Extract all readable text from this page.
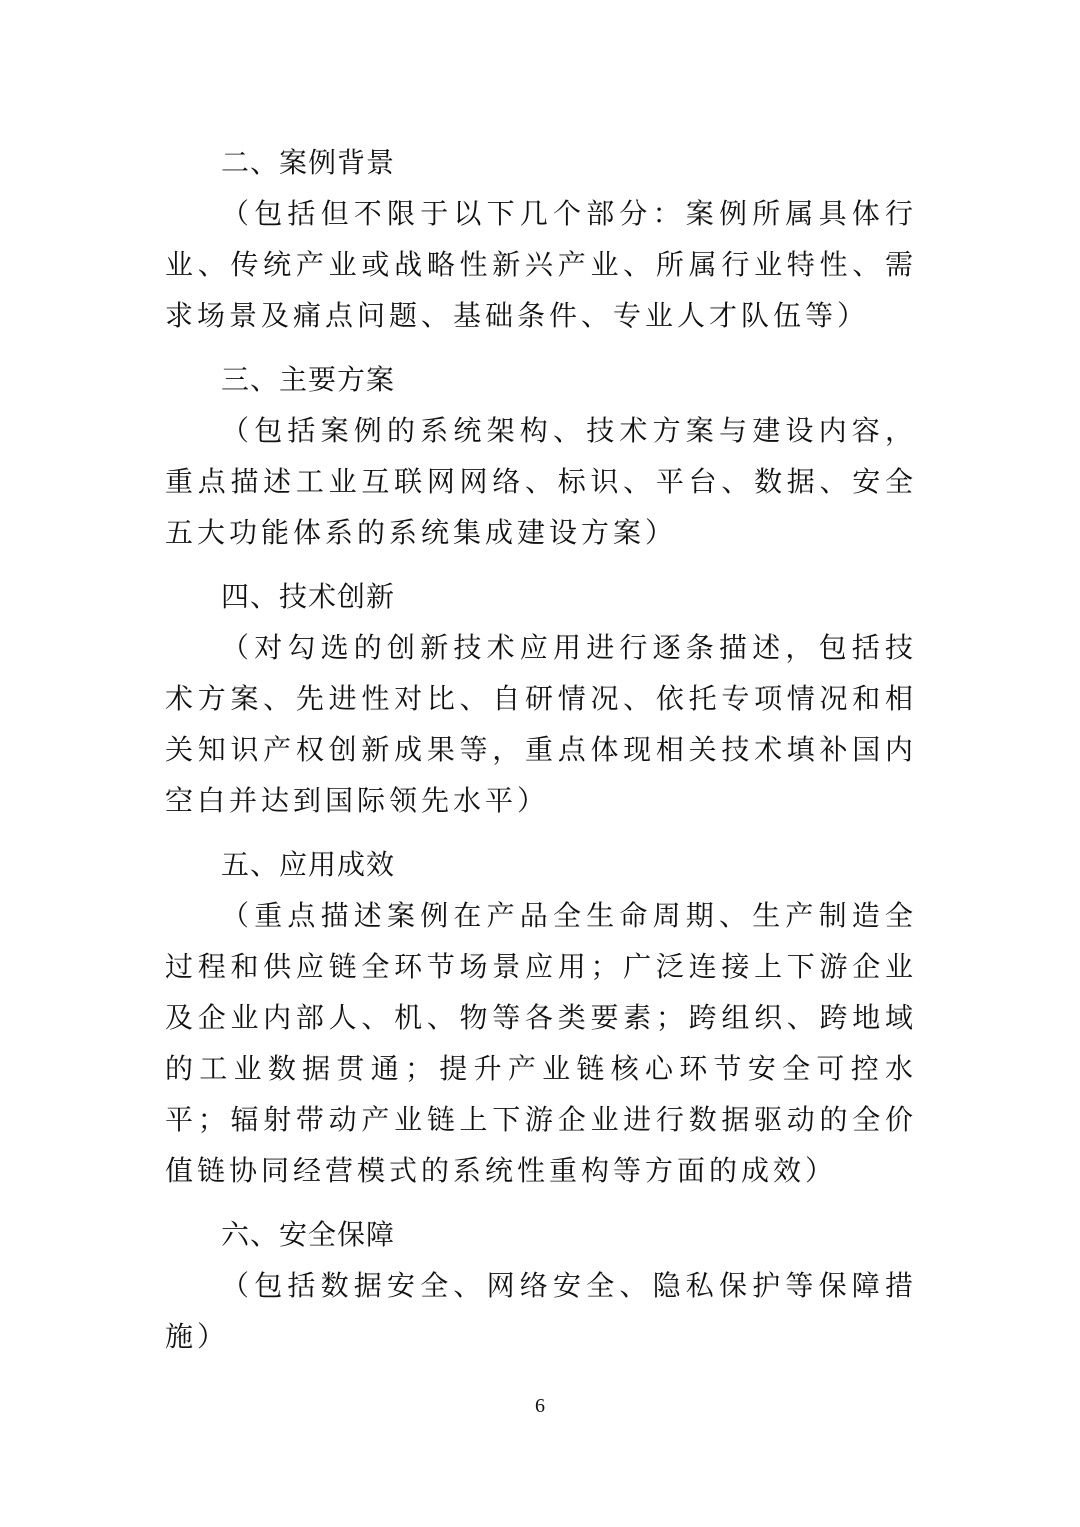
二、案例背景

（包括但不限于以下几个部分：案例所属具体行业、传统产业或战略性新兴产业、所属行业特性、需求场景及痛点问题、基础条件、专业人才队伍等）

三、主要方案

（包括案例的系统架构、技术方案与建设内容，重点描述工业互联网网络、标识、平台、数据、安全五大功能体系的系统集成建设方案）

四、技术创新

（对勾选的创新技术应用进行逐条描述，包括技术方案、先进性对比、自研情况、依托专项情况和相关知识产权创新成果等，重点体现相关技术填补国内空白并达到国际领先水平）

五、应用成效

（重点描述案例在产品全生命周期、生产制造全过程和供应链全环节场景应用；广泛连接上下游企业及企业内部人、机、物等各类要素；跨组织、跨地域的工业数据贯通；提升产业链核心环节安全可控水平；辐射带动产业链上下游企业进行数据驱动的全价值链协同经营模式的系统性重构等方面的成效）

六、安全保障

（包括数据安全、网络安全、隐私保护等保障措施）

6
